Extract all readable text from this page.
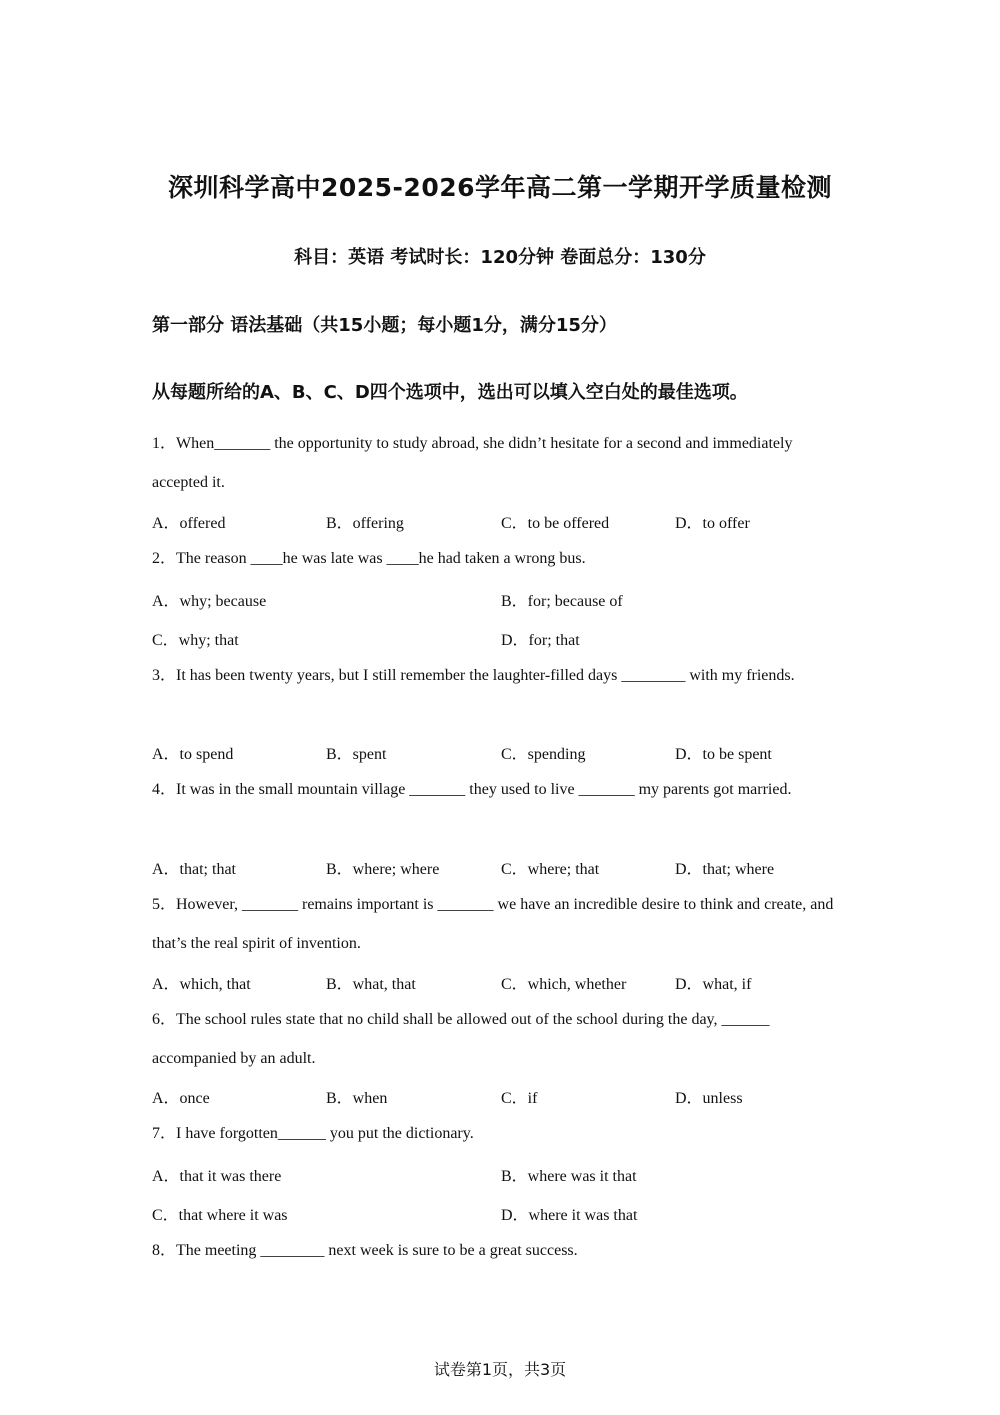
深圳科学高中2025-2026学年高二第一学期开学质量检测
科目：英语 考试时长：120分钟 卷面总分：130分
第一部分 语法基础（共15小题；每小题1分，满分15分）
从每题所给的A、B、C、D四个选项中，选出可以填入空白处的最佳选项。
1．When_______ the opportunity to study abroad, she didn’t hesitate for a second and immediately accepted it.
A．offered	B．offering	C．to be offered	D．to offer
2．The reason ____he was late was ____he had taken a wrong bus.
A．why; because	B．for; because of
C．why; that	D．for; that
3．It has been twenty years, but I still remember the laughter-filled days ________ with my friends.
A．to spend	B．spent	C．spending	D．to be spent
4．It was in the small mountain village _______ they used to live _______ my parents got married.
A．that; that	B．where; where	C．where; that	D．that; where
5．However, _______ remains important is _______ we have an incredible desire to think and create, and that’s the real spirit of invention.
A．which, that	B．what, that	C．which, whether	D．what, if
6．The school rules state that no child shall be allowed out of the school during the day, ______ accompanied by an adult.
A．once	B．when	C．if	D．unless
7．I have forgotten______ you put the dictionary.
A．that it was there	B．where was it that
C．that where it was	D．where it was that
8．The meeting ________ next week is sure to be a great success.
试卷第1页，共3页
